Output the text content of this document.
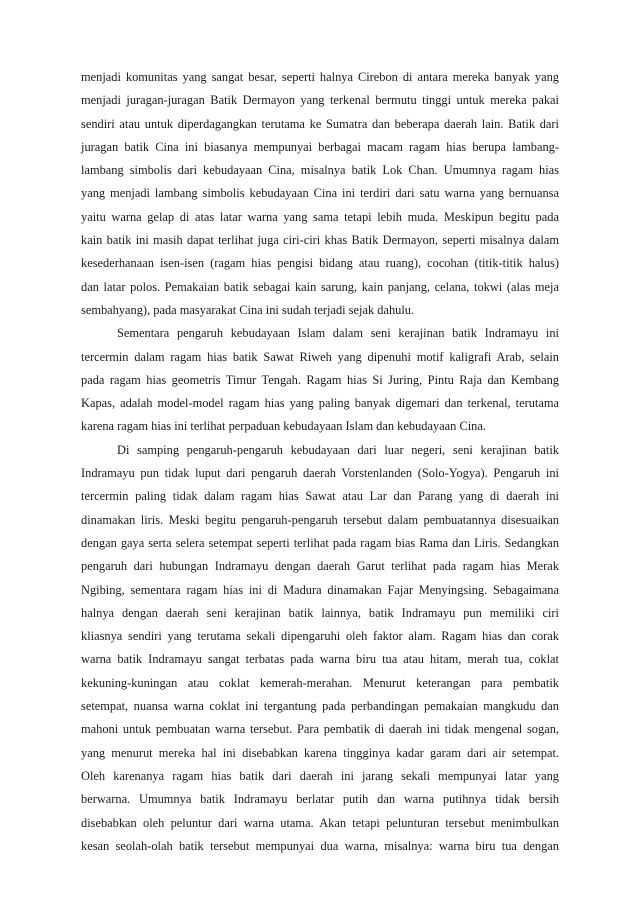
menjadi komunitas yang sangat besar, seperti halnya Cirebon di antara mereka banyak yang
menjadi juragan-juragan Batik Dermayon yang terkenal bermutu tinggi untuk mereka pakai
sendiri atau untuk diperdagangkan terutama ke Sumatra dan beberapa daerah lain. Batik dari
juragan batik Cina ini biasanya mempunyai berbagai macam ragam hias berupa lambang-
lambang simbolis dari kebudayaan Cina, misalnya batik Lok Chan. Umumnya ragam hias
yang menjadi lambang simbolis kebudayaan Cina ini terdiri dari satu warna yang bernuansa
yaitu warna gelap di atas latar warna yang sama tetapi lebih muda. Meskipun begitu pada
kain batik ini masih dapat terlihat juga ciri-ciri khas Batik Dermayon, seperti misalnya dalam
kesederhanaan isen-isen (ragam hias pengisi bidang atau ruang), cocohan (titik-titik halus)
dan latar polos. Pemakaian batik sebagai kain sarung, kain panjang, celana, tokwi (alas meja
sembahyang), pada masyarakat Cina ini sudah terjadi sejak dahulu.
Sementara pengaruh kebudayaan Islam dalam seni kerajinan batik Indramayu ini
tercermin dalam ragam hias batik Sawat Riweh yang dipenuhi motif kaligrafi Arab, selain
pada ragam hias geometris Timur Tengah. Ragam hias Si Juring, Pintu Raja dan Kembang
Kapas, adalah model-model ragam hias yang paling banyak digemari dan terkenal, terutama
karena ragam hias ini terlihat perpaduan kebudayaan Islam dan kebudayaan Cina.
Di samping pengaruh-pengaruh kebudayaan dari luar negeri, seni kerajinan batik
Indramayu pun tidak luput dari pengaruh daerah Vorstenlanden (Solo-Yogya). Pengaruh ini
tercermin paling tidak dalam ragam hias Sawat atau Lar dan Parang yang di daerah ini
dinamakan liris. Meski begitu pengaruh-pengaruh tersebut dalam pembuatannya disesuaikan
dengan gaya serta selera setempat seperti terlihat pada ragam bias Rama dan Liris. Sedangkan
pengaruh dari hubungan Indramayu dengan daerah Garut terlihat pada ragam hias Merak
Ngibing, sementara ragam hias ini di Madura dinamakan Fajar Menyingsing. Sebagaimana
halnya dengan daerah seni kerajinan batik lainnya, batik Indramayu pun memiliki ciri
kliasnya sendiri yang terutama sekali dipengaruhi oleh faktor alam. Ragam hias dan corak
warna batik Indramayu sangat terbatas pada warna biru tua atau hitam, merah tua, coklat
kekuning-kuningan atau coklat kemerah-merahan. Menurut keterangan para pembatik
setempat, nuansa warna coklat ini tergantung pada perbandingan pemakaian mangkudu dan
mahoni untuk pembuatan warna tersebut. Para pembatik di daerah ini tidak mengenal sogan,
yang menurut mereka hal ini disebabkan karena tingginya kadar garam dari air setempat.
Oleh karenanya ragam hias batik dari daerah ini jarang sekali mempunyai latar yang
berwarna. Umumnya batik Indramayu berlatar putih dan warna putihnya tidak bersih
disebabkan oleh peluntur dari warna utama. Akan tetapi pelunturan tersebut menimbulkan
kesan seolah-olah batik tersebut mempunyai dua warna, misalnya: warna biru tua dengan
